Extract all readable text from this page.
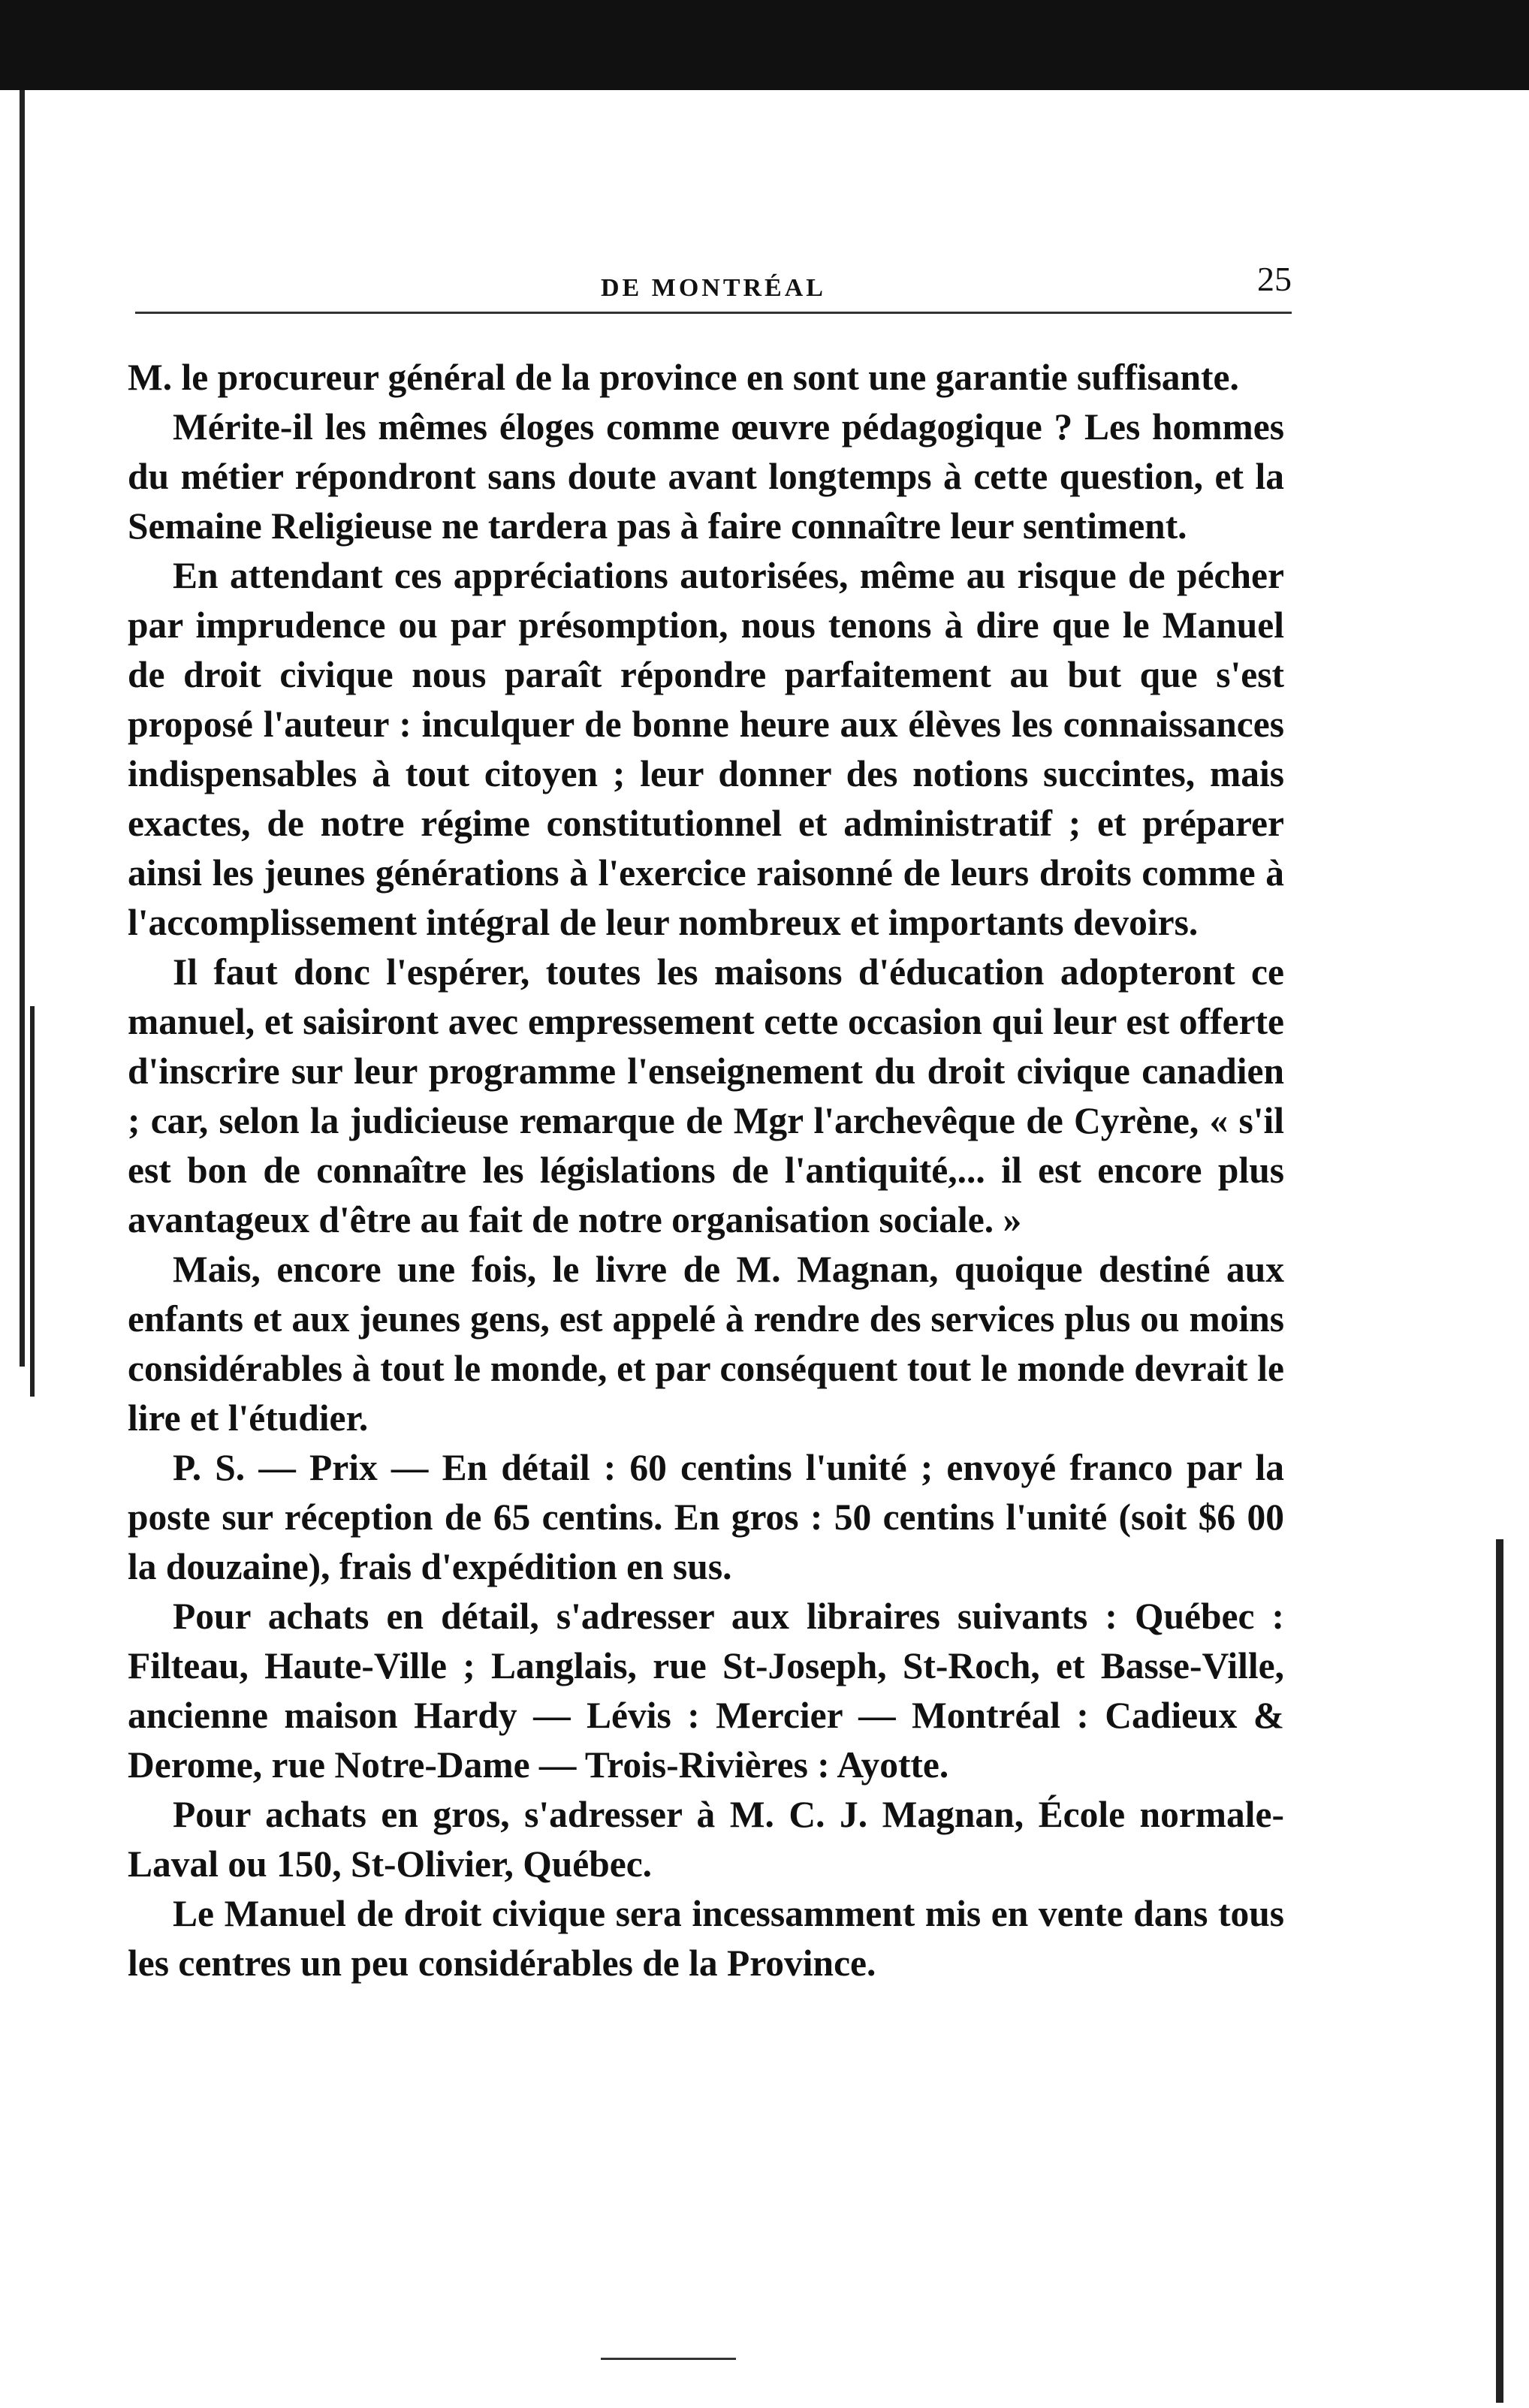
DE MONTRÉAL	25

M. le procureur général de la province en sont une garantie suffisante.

Mérite-il les mêmes éloges comme œuvre pédagogique ? Les hommes du métier répondront sans doute avant longtemps à cette question, et la Semaine Religieuse ne tardera pas à faire connaître leur sentiment.

En attendant ces appréciations autorisées, même au risque de pécher par imprudence ou par présomption, nous tenons à dire que le Manuel de droit civique nous paraît répondre parfaitement au but que s'est proposé l'auteur : inculquer de bonne heure aux élèves les connaissances indispensables à tout citoyen ; leur donner des notions succintes, mais exactes, de notre régime constitutionnel et administratif ; et préparer ainsi les jeunes générations à l'exercice raisonné de leurs droits comme à l'accomplissement intégral de leur nombreux et importants devoirs.

Il faut donc l'espérer, toutes les maisons d'éducation adopteront ce manuel, et saisiront avec empressement cette occasion qui leur est offerte d'inscrire sur leur programme l'enseignement du droit civique canadien ; car, selon la judicieuse remarque de Mgr l'archevêque de Cyrène, « s'il est bon de connaître les législations de l'antiquité,... il est encore plus avantageux d'être au fait de notre organisation sociale. »

Mais, encore une fois, le livre de M. Magnan, quoique destiné aux enfants et aux jeunes gens, est appelé à rendre des services plus ou moins considérables à tout le monde, et par conséquent tout le monde devrait le lire et l'étudier.

P. S. — Prix — En détail : 60 centins l'unité ; envoyé franco par la poste sur réception de 65 centins. En gros : 50 centins l'unité (soit $6 00 la douzaine), frais d'expédition en sus.

Pour achats en détail, s'adresser aux libraires suivants : Québec : Filteau, Haute-Ville ; Langlais, rue St-Joseph, St-Roch, et Basse-Ville, ancienne maison Hardy — Lévis : Mercier — Montréal : Cadieux & Derome, rue Notre-Dame — Trois-Rivières : Ayotte.

Pour achats en gros, s'adresser à M. C. J. Magnan, École normale-Laval ou 150, St-Olivier, Québec.

Le Manuel de droit civique sera incessamment mis en vente dans tous les centres un peu considérables de la Province.
